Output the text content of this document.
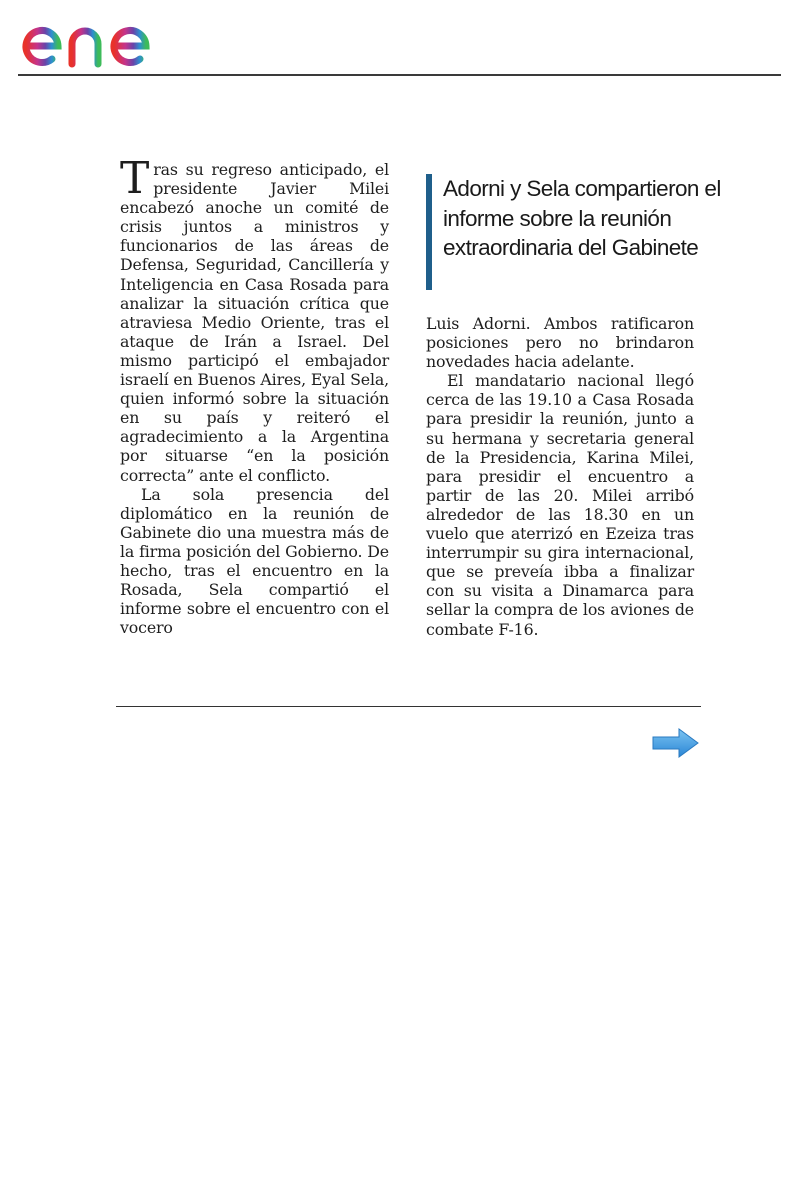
enel

Tras su regreso anticipado, el presidente Javier Milei encabezó anoche un comité de crisis juntos a ministros y funcionarios de las áreas de Defensa, Seguridad, Cancillería y Inteligencia en Casa Rosada para analizar la situación crítica que atraviesa Medio Oriente, tras el ataque de Irán a Israel. Del mismo participó el embajador israelí en Buenos Aires, Eyal Sela, quien informó sobre la situación en su país y reiteró el agradecimiento a la Argentina por situarse “en la posición correcta” ante el conflicto.

La sola presencia del diplomático en la reunión de Gabinete dio una muestra más de la firma posición del Gobierno. De hecho, tras el encuentro en la Rosada, Sela compartió el informe sobre el encuentro con el vocero

Adorni y Sela compartieron el informe sobre la reunión extraordinaria del Gabinete

Luis Adorni. Ambos ratificaron posiciones pero no brindaron novedades hacia adelante.

El mandatario nacional llegó cerca de las 19.10 a Casa Rosada para presidir la reunión, junto a su hermana y secretaria general de la Presidencia, Karina Milei, para presidir el encuentro a partir de las 20. Milei arribó alrededor de las 18.30 en un vuelo que aterrizó en Ezeiza tras interrumpir su gira internacional, que se preveía ibba a finalizar con su visita a Dinamarca para sellar la compra de los aviones de combate F-16.
